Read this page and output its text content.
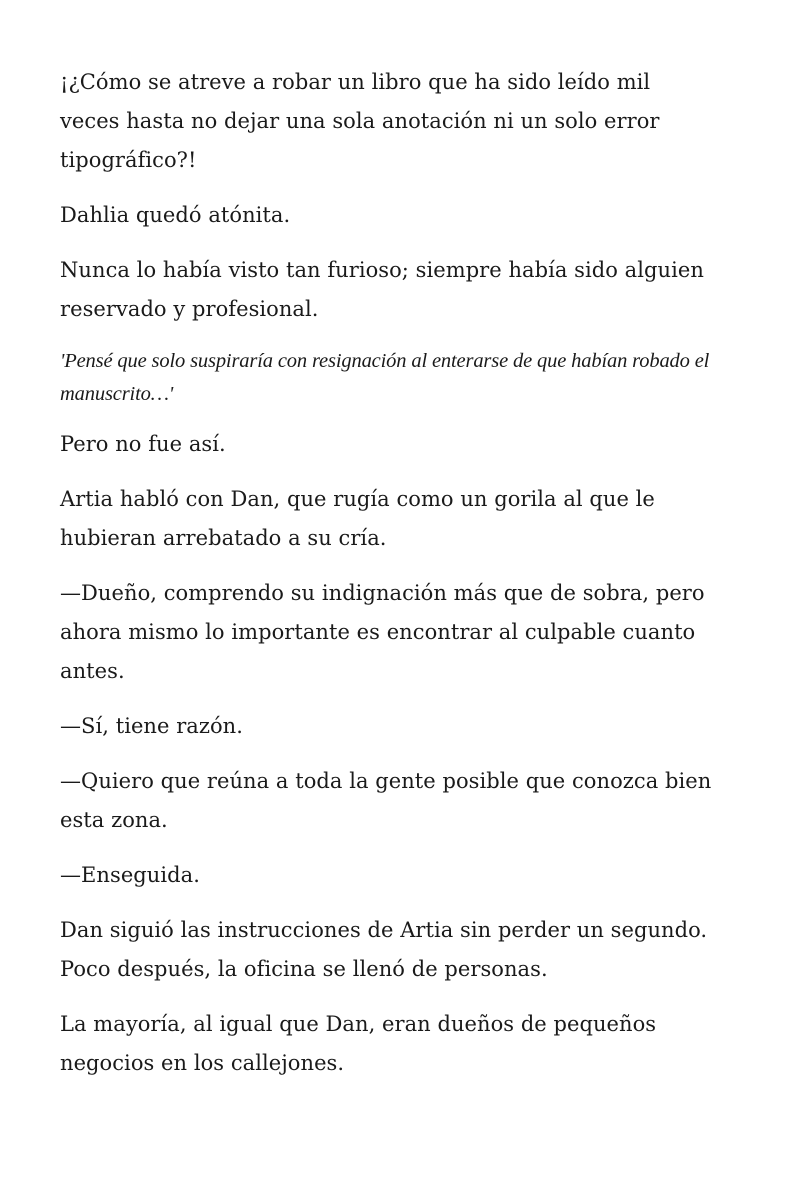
¡¿Cómo se atreve a robar un libro que ha sido leído mil
veces hasta no dejar una sola anotación ni un solo error
tipográfico?!

Dahlia quedó atónita.

Nunca lo había visto tan furioso; siempre había sido alguien
reservado y profesional.

'Pensé que solo suspiraría con resignación al enterarse de que habían robado el
manuscrito…'

Pero no fue así.

Artia habló con Dan, que rugía como un gorila al que le
hubieran arrebatado a su cría.

—Dueño, comprendo su indignación más que de sobra, pero
ahora mismo lo importante es encontrar al culpable cuanto
antes.

—Sí, tiene razón.

—Quiero que reúna a toda la gente posible que conozca bien
esta zona.

—Enseguida.

Dan siguió las instrucciones de Artia sin perder un segundo.
Poco después, la oficina se llenó de personas.

La mayoría, al igual que Dan, eran dueños de pequeños
negocios en los callejones.
